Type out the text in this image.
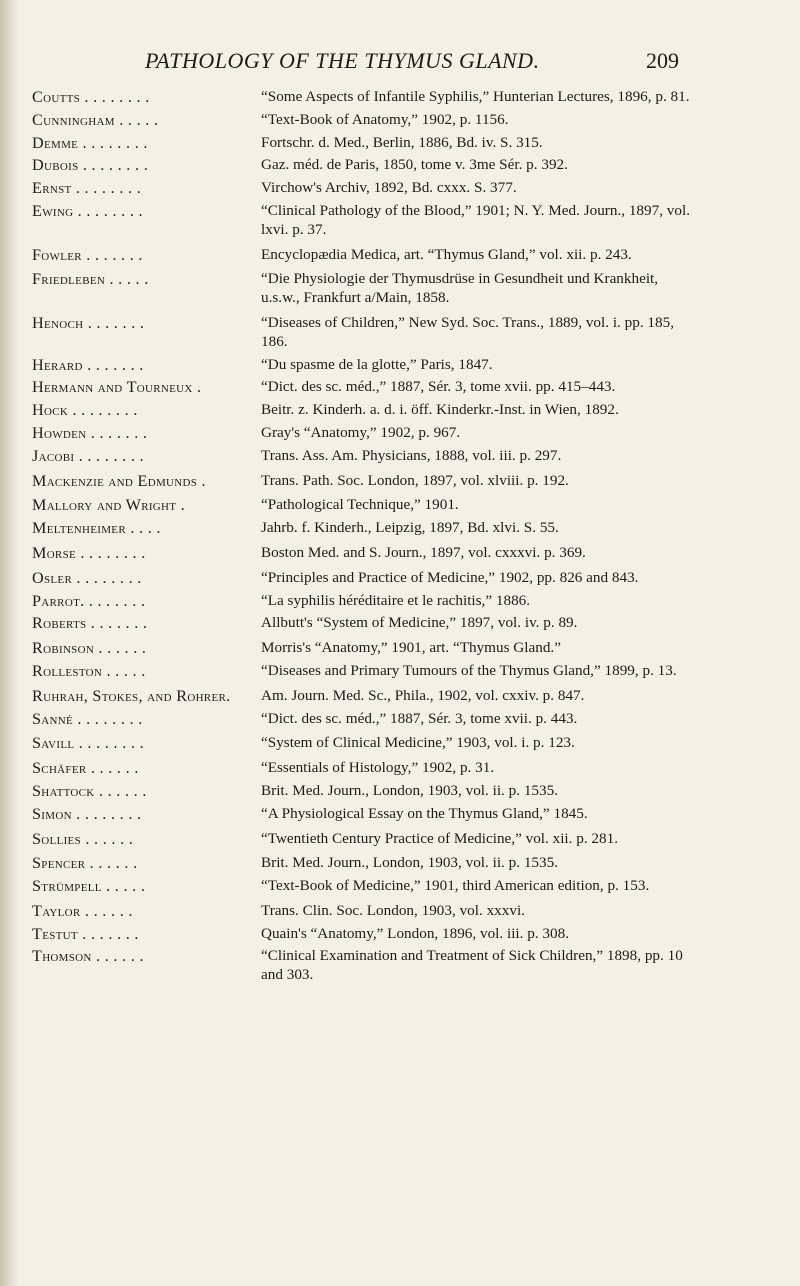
PATHOLOGY OF THE THYMUS GLAND.	209
Coutts . . . . . . . .	“Some Aspects of Infantile Syphilis,” Hunterian Lectures, 1896, p. 81.
Cunningham . . . . .	“Text-Book of Anatomy,” 1902, p. 1156.
Demme . . . . . . . .	Fortschr. d. Med., Berlin, 1886, Bd. iv. S. 315.
Dubois . . . . . . . .	Gaz. méd. de Paris, 1850, tome v. 3me Sér. p. 392.
Ernst . . . . . . . .	Virchow's Archiv, 1892, Bd. cxxx. S. 377.
Ewing . . . . . . . .	“Clinical Pathology of the Blood,” 1901; N. Y. Med. Journ., 1897, vol. lxvi. p. 37.
Fowler . . . . . . .	Encyclopædia Medica, art. “Thymus Gland,” vol. xii. p. 243.
Friedleben . . . . .	“Die Physiologie der Thymusdrüse in Gesundheit und Krankheit, u.s.w., Frankfurt a/Main, 1858.
Henoch . . . . . . .	“Diseases of Children,” New Syd. Soc. Trans., 1889, vol. i. pp. 185, 186.
Herard . . . . . . .	“Du spasme de la glotte,” Paris, 1847.
Hermann and Tourneux .	“Dict. des sc. méd.,” 1887, Sér. 3, tome xvii. pp. 415–443.
Hock . . . . . . . .	Beitr. z. Kinderh. a. d. i. öff. Kinderkr.-Inst. in Wien, 1892.
Howden . . . . . . .	Gray's “Anatomy,” 1902, p. 967.
Jacobi . . . . . . . .	Trans. Ass. Am. Physicians, 1888, vol. iii. p. 297.
Mackenzie and Edmunds .	Trans. Path. Soc. London, 1897, vol. xlviii. p. 192.
Mallory and Wright .	“Pathological Technique,” 1901.
Meltenheimer . . . .	Jahrb. f. Kinderh., Leipzig, 1897, Bd. xlvi. S. 55.
Morse . . . . . . . .	Boston Med. and S. Journ., 1897, vol. cxxxvi. p. 369.
Osler . . . . . . . .	“Principles and Practice of Medicine,” 1902, pp. 826 and 843.
Parrot. . . . . . . .	“La syphilis héréditaire et le rachitis,” 1886.
Roberts . . . . . . .	Allbutt's “System of Medicine,” 1897, vol. iv. p. 89.
Robinson . . . . . .	Morris's “Anatomy,” 1901, art. “Thymus Gland.”
Rolleston . . . . .	“Diseases and Primary Tumours of the Thymus Gland,” 1899, p. 13.
Ruhrah, Stokes, and Rohrer.	Am. Journ. Med. Sc., Phila., 1902, vol. cxxiv. p. 847.
Sanné . . . . . . . .	“Dict. des sc. méd.,” 1887, Sér. 3, tome xvii. p. 443.
Savill . . . . . . . .	“System of Clinical Medicine,” 1903, vol. i. p. 123.
Schäfer . . . . . .	“Essentials of Histology,” 1902, p. 31.
Shattock . . . . . .	Brit. Med. Journ., London, 1903, vol. ii. p. 1535.
Simon . . . . . . . .	“A Physiological Essay on the Thymus Gland,” 1845.
Sollies . . . . . .	“Twentieth Century Practice of Medicine,” vol. xii. p. 281.
Spencer . . . . . .	Brit. Med. Journ., London, 1903, vol. ii. p. 1535.
Strümpell . . . . .	“Text-Book of Medicine,” 1901, third American edition, p. 153.
Taylor . . . . . .	Trans. Clin. Soc. London, 1903, vol. xxxvi.
Testut . . . . . . .	Quain's “Anatomy,” London, 1896, vol. iii. p. 308.
Thomson . . . . . .	“Clinical Examination and Treatment of Sick Children,” 1898, pp. 10 and 303.
